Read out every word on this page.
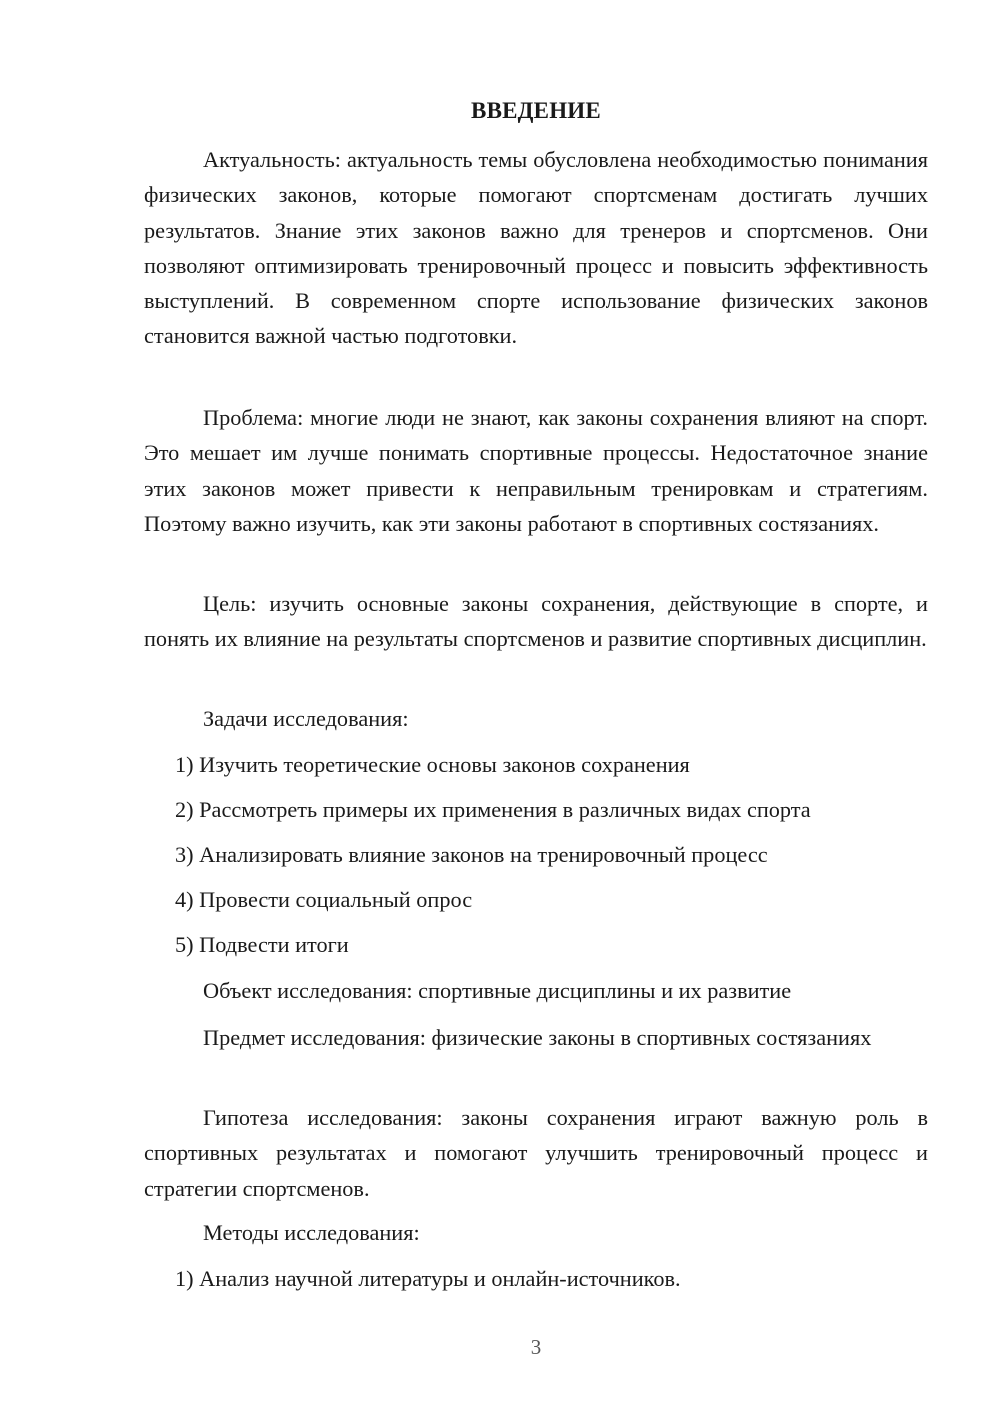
ВВЕДЕНИЕ

Актуальность: актуальность темы обусловлена необходимостью понимания физических законов, которые помогают спортсменам достигать лучших результатов. Знание этих законов важно для тренеров и спортсменов. Они позволяют оптимизировать тренировочный процесс и повысить эффективность выступлений. В современном спорте использование физических законов становится важной частью подготовки.

Проблема: многие люди не знают, как законы сохранения влияют на спорт. Это мешает им лучше понимать спортивные процессы. Недостаточное знание этих законов может привести к неправильным тренировкам и стратегиям. Поэтому важно изучить, как эти законы работают в спортивных состязаниях.

Цель: изучить основные законы сохранения, действующие в спорте, и понять их влияние на результаты спортсменов и развитие спортивных дисциплин.

Задачи исследования:

1) Изучить теоретические основы законов сохранения

2) Рассмотреть примеры их применения в различных видах спорта

3) Анализировать влияние законов на тренировочный процесс

4) Провести социальный опрос

5) Подвести итоги

Объект исследования: спортивные дисциплины и их развитие

Предмет исследования: физические законы в спортивных состязаниях

Гипотеза исследования: законы сохранения играют важную роль в спортивных результатах и помогают улучшить тренировочный процесс и стратегии спортсменов.

Методы исследования:

1) Анализ научной литературы и онлайн-источников.

3
